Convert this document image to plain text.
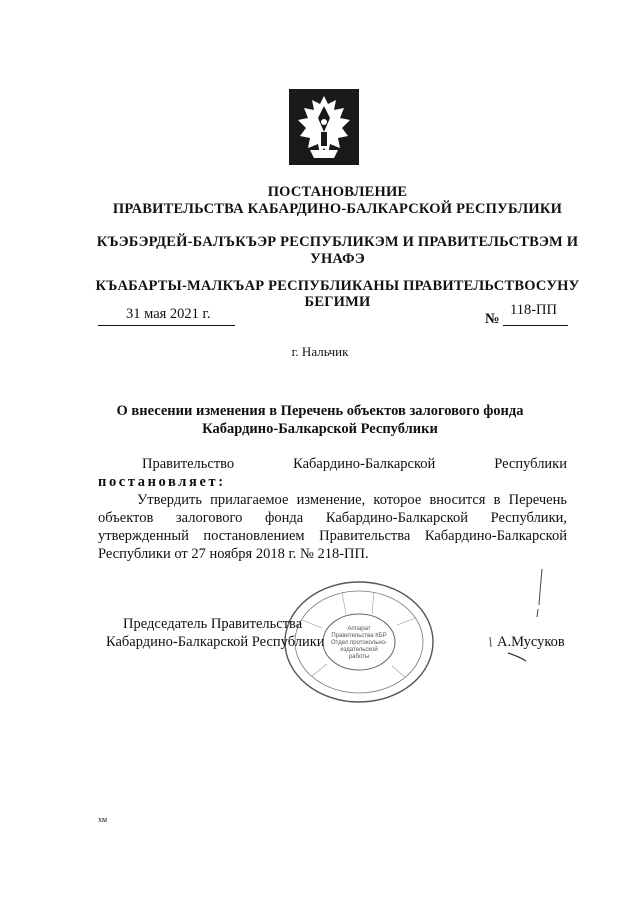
ПОСТАНОВЛЕНИЕ
ПРАВИТЕЛЬСТВА КАБАРДИНО-БАЛКАРСКОЙ РЕСПУБЛИКИ
КЪЭБЭРДЕЙ-БАЛЪКЪЭР РЕСПУБЛИКЭМ И ПРАВИТЕЛЬСТВЭМ И
УНАФЭ
КЪАБАРТЫ-МАЛКЪАР РЕСПУБЛИКАНЫ ПРАВИТЕЛЬСТВОСУНУ
БЕГИМИ
31 мая 2021 г.	№
118-ПП
г. Нальчик
О внесении изменения в Перечень объектов залогового фонда
Кабардино-Балкарской Республики
Правительство	Кабардино-Балкарской	Республики
постановляет:
Утвердить прилагаемое изменение, которое вносится в Перечень
объектов залогового фонда Кабардино-Балкарской Республики,
утвержденный постановлением Правительства Кабардино-Балкарской
Республики от 27 ноября 2018 г. № 218-ПП.
Аппарат
Правительства КБР
Отдел протокольно-
издательской
работы
Председатель Правительства
Кабардино-Балкарской Республики	А.Мусуков
хм
